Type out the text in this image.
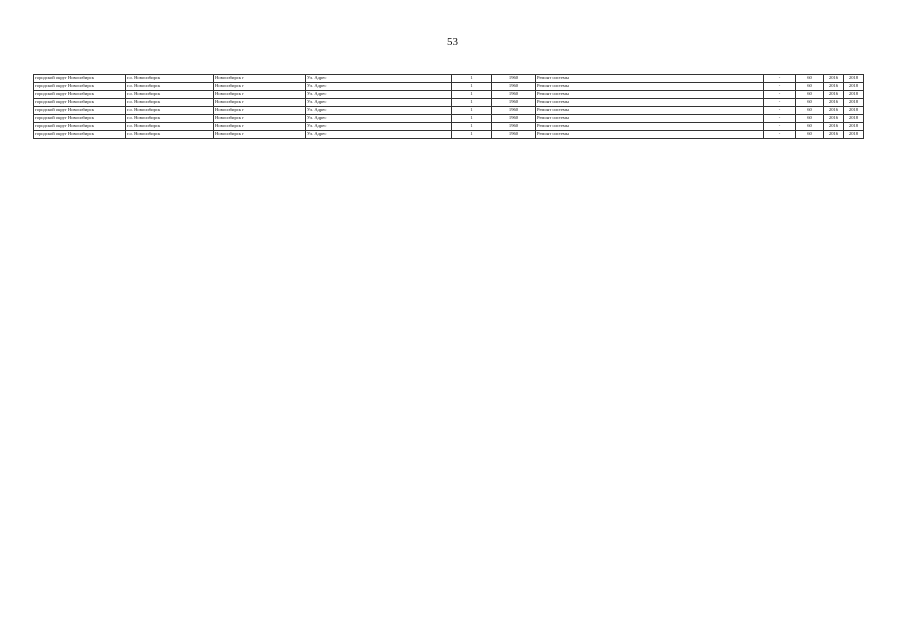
53
городской округ Новосибирск	г.о. Новосибирск	Новосибирск г	Ул. Адрес	1	1960	Ремонт системы	-	60	2016	2018
городской округ Новосибирск	г.о. Новосибирск	Новосибирск г	Ул. Адрес	1	1960	Ремонт системы	-	60	2016	2018
городской округ Новосибирск	г.о. Новосибирск	Новосибирск г	Ул. Адрес	1	1960	Ремонт системы	-	60	2016	2018
городской округ Новосибирск	г.о. Новосибирск	Новосибирск г	Ул. Адрес	1	1960	Ремонт системы	-	60	2016	2018
городской округ Новосибирск	г.о. Новосибирск	Новосибирск г	Ул. Адрес	1	1960	Ремонт системы	-	60	2016	2018
городской округ Новосибирск	г.о. Новосибирск	Новосибирск г	Ул. Адрес	1	1960	Ремонт системы	-	60	2016	2018
городской округ Новосибирск	г.о. Новосибирск	Новосибирск г	Ул. Адрес	1	1960	Ремонт системы	-	60	2016	2018
городской округ Новосибирск	г.о. Новосибирск	Новосибирск г	Ул. Адрес	1	1960	Ремонт системы	-	60	2016	2018
